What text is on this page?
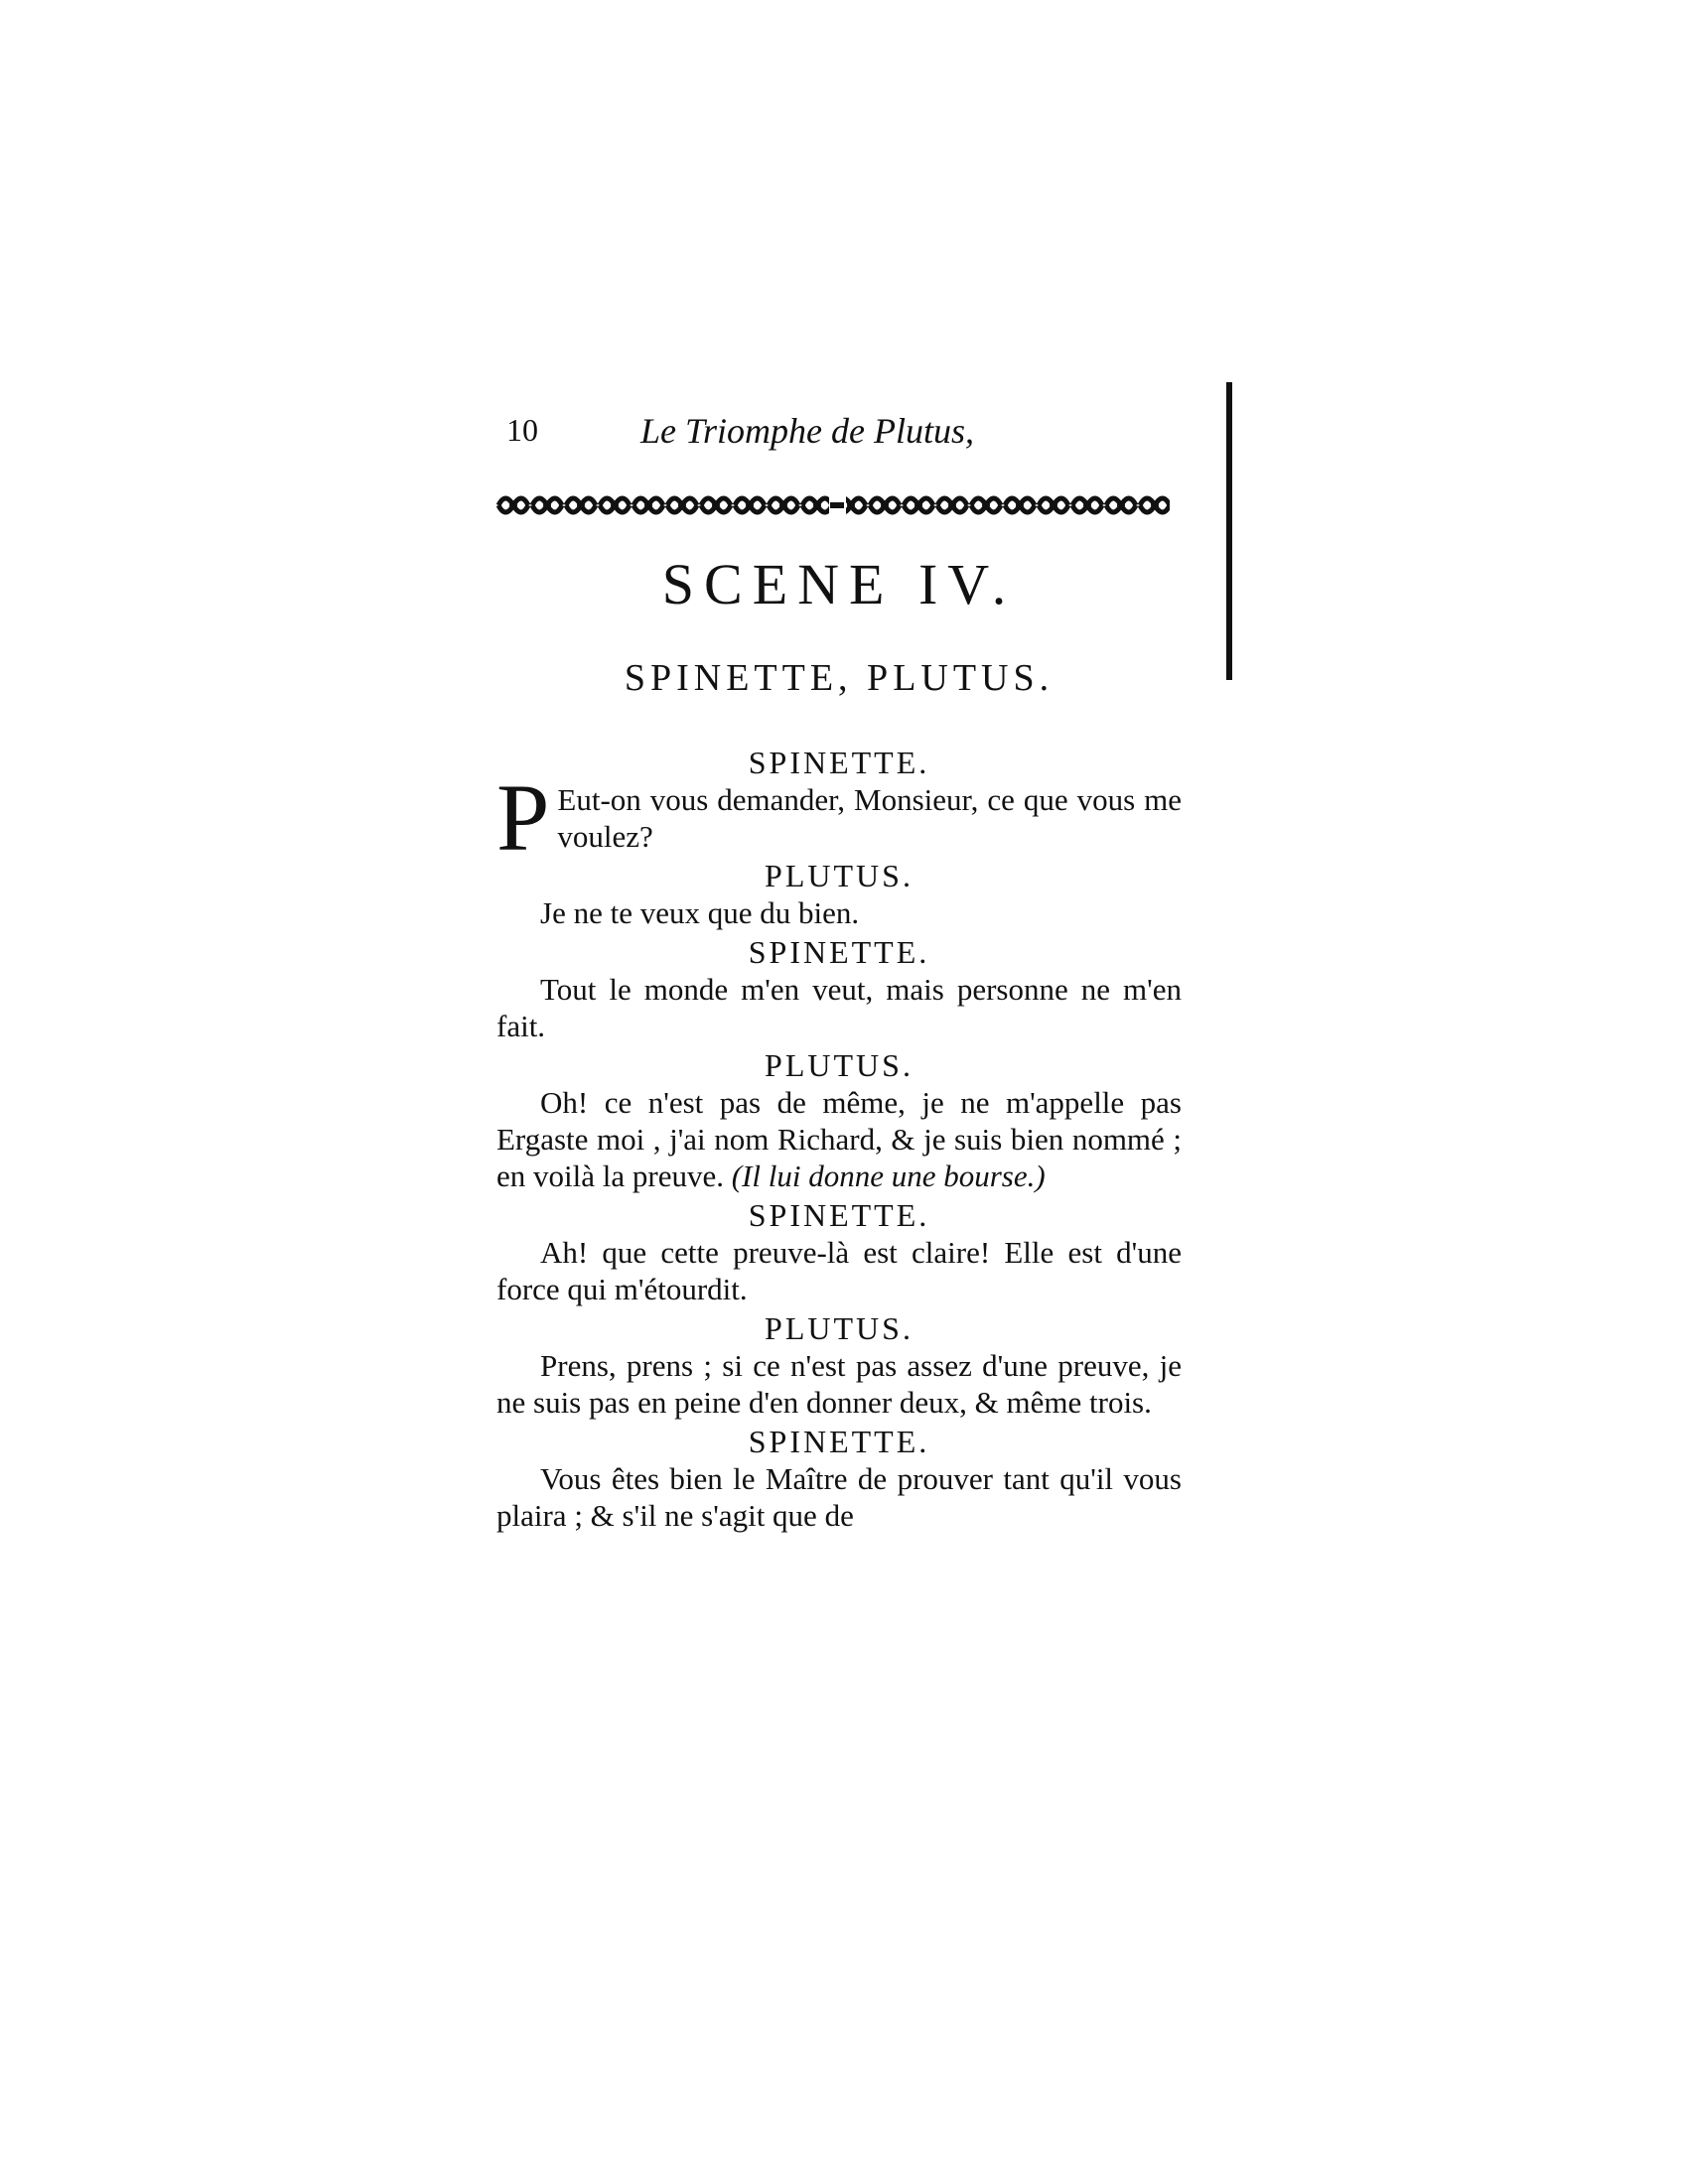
10	Le Triomphe de Plutus,
SCENE IV.
SPINETTE, PLUTUS.
SPINETTE.

P Eut-on vous demander, Monsieur, ce que vous me voulez?

PLUTUS.

Je ne te veux que du bien.

SPINETTE.

Tout le monde m'en veut, mais personne ne m'en fait.

PLUTUS.

Oh! ce n'est pas de même, je ne m'appelle pas Ergaste moi , j'ai nom Richard, & je suis bien nommé ; en voilà la preuve. (Il lui donne une bourse.)

SPINETTE.

Ah! que cette preuve-là est claire! Elle est d'une force qui m'étourdit.

PLUTUS.

Prens, prens ; si ce n'est pas assez d'une preuve, je ne suis pas en peine d'en donner deux, & même trois.

SPINETTE.

Vous êtes bien le Maître de prouver tant qu'il vous plaira ; & s'il ne s'agit que de
